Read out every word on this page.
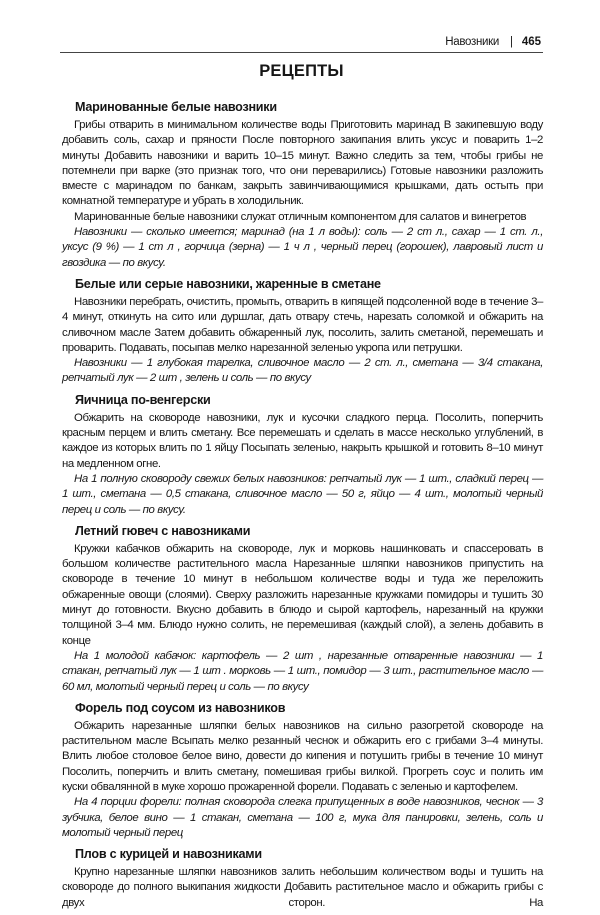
Навозники | 465
РЕЦЕПТЫ
Маринованные белые навозники

Грибы отварить в минимальном количестве воды Приготовить маринад В закипевшую воду добавить соль, сахар и пряности После повторного закипания влить уксус и поварить 1–2 минуты Добавить навозники и варить 10–15 минут. Важно следить за тем, чтобы грибы не потемнели при варке (это признак того, что они переварились) Готовые навозники разложить вместе с маринадом по банкам, закрыть завинчивающимися крышками, дать остыть при комнатной температуре и убрать в холодильник.

Маринованные белые навозники служат отличным компонентом для салатов и винегретов

Навозники — сколько имеется; маринад (на 1 л воды): соль — 2 ст л., сахар — 1 ст. л., уксус (9 %) — 1 ст л , горчица (зерна) — 1 ч л , черный перец (горошек), лавровый лист и гвоздика — по вкусу.

Белые или серые навозники, жаренные в сметане

Навозники перебрать, очистить, промыть, отварить в кипящей подсоленной воде в течение 3–4 минут, откинуть на сито или дуршлаг, дать отвару стечь, нарезать соломкой и обжарить на сливочном масле Затем добавить обжаренный лук, посолить, залить сметаной, перемешать и проварить. Подавать, посыпав мелко нарезанной зеленью укропа или петрушки.

Навозники — 1 глубокая тарелка, сливочное масло — 2 ст. л., сметана — 3/4 стакана, репчатый лук — 2 шт , зелень и соль — по вкусу

Яичница по-венгерски

Обжарить на сковороде навозники, лук и кусочки сладкого перца. Посолить, поперчить красным перцем и влить сметану. Все перемешать и сделать в массе несколько углублений, в каждое из которых влить по 1 яйцу Посыпать зеленью, накрыть крышкой и готовить 8–10 минут на медленном огне.

На 1 полную сковороду свежих белых навозников: репчатый лук — 1 шт., сладкий перец — 1 шт., сметана — 0,5 стакана, сливочное масло — 50 г, яйцо — 4 шт., молотый черный перец и соль — по вкусу.

Летний гювеч с навозниками

Кружки кабачков обжарить на сковороде, лук и морковь нашинковать и спассеровать в большом количестве растительного масла Нарезанные шляпки навозников припустить на сковороде в течение 10 минут в небольшом количестве воды и туда же переложить обжаренные овощи (слоями). Сверху разложить нарезанные кружками помидоры и тушить 30 минут до готовности. Вкусно добавить в блюдо и сырой картофель, нарезанный на кружки толщиной 3–4 мм. Блюдо нужно солить, не перемешивая (каждый слой), а зелень добавить в конце

На 1 молодой кабачок: картофель — 2 шт , нарезанные отваренные навозники — 1 стакан, репчатый лук — 1 шт . морковь — 1 шт., помидор — 3 шт., растительное масло — 60 мл, молотый черный перец и соль — по вкусу

Форель под соусом из навозников

Обжарить нарезанные шляпки белых навозников на сильно разогретой сковороде на растительном масле Всыпать мелко резанный чеснок и обжарить его с грибами 3–4 минуты. Влить любое столовое белое вино, довести до кипения и потушить грибы в течение 10 минут Посолить, поперчить и влить сметану, помешивая грибы вилкой. Прогреть соус и полить им куски обвалянной в муке хорошо прожаренной форели. Подавать с зеленью и картофелем.

На 4 порции форели: полная сковорода слегка припущенных в воде навозников, чеснок — 3 зубчика, белое вино — 1 стакан, сметана — 100 г, мука для панировки, зелень, соль и молотый черный перец

Плов с курицей и навозниками

Крупно нарезанные шляпки навозников залить небольшим количеством воды и тушить на сковороде до полного выкипания жидкости Добавить растительное масло и обжарить грибы с двух сторон. На
